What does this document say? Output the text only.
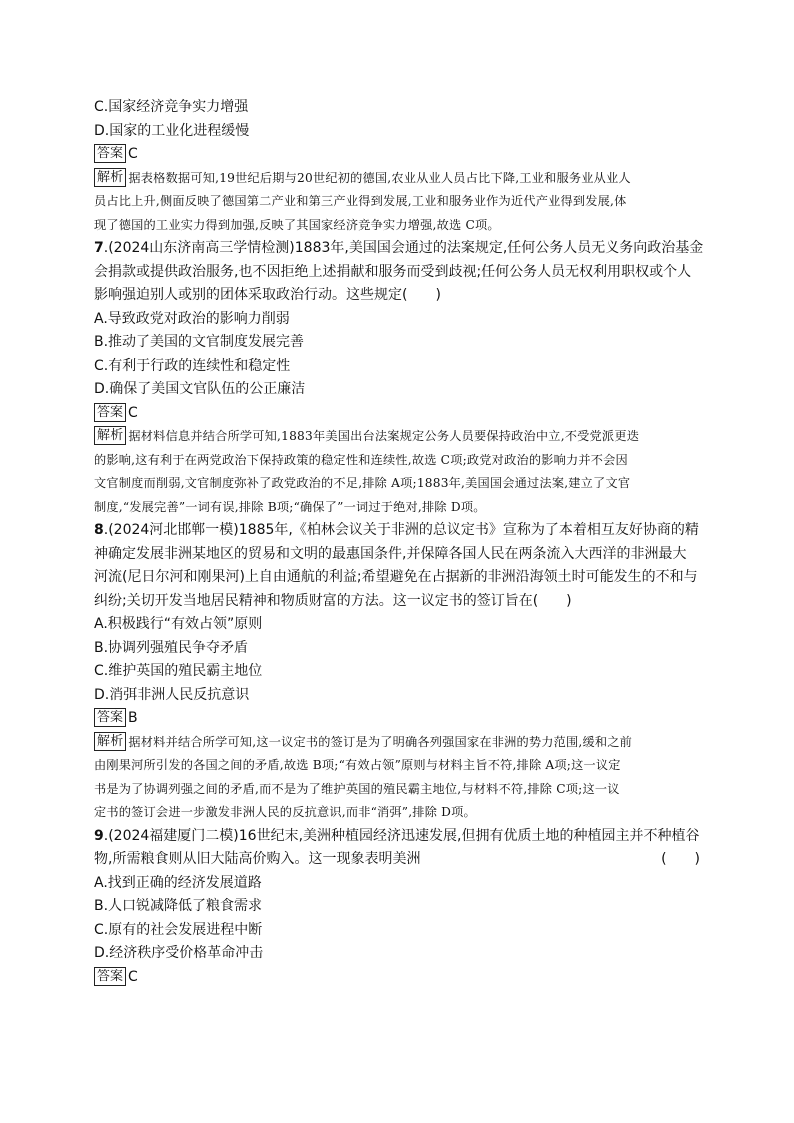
C.国家经济竞争实力增强
D.国家的工业化进程缓慢
答案 C
解析 据表格数据可知,19世纪后期与20世纪初的德国,农业从业人员占比下降,工业和服务业从业人
员占比上升,侧面反映了德国第二产业和第三产业得到发展,工业和服务业作为近代产业得到发展,体
现了德国的工业实力得到加强,反映了其国家经济竞争实力增强,故选 C项。
7.(2024山东济南高三学情检测)1883年,美国国会通过的法案规定,任何公务人员无义务向政治基金
会捐款或提供政治服务,也不因拒绝上述捐献和服务而受到歧视;任何公务人员无权利用职权或个人
影响强迫别人或别的团体采取政治行动。这些规定(　　)
A.导致政党对政治的影响力削弱
B.推动了美国的文官制度发展完善
C.有利于行政的连续性和稳定性
D.确保了美国文官队伍的公正廉洁
答案 C
解析 据材料信息并结合所学可知,1883年美国出台法案规定公务人员要保持政治中立,不受党派更迭
的影响,这有利于在两党政治下保持政策的稳定性和连续性,故选 C项;政党对政治的影响力并不会因
文官制度而削弱,文官制度弥补了政党政治的不足,排除 A项;1883年,美国国会通过法案,建立了文官
制度,“发展完善”一词有误,排除 B项;“确保了”一词过于绝对,排除 D项。
8.(2024河北邯郸一模)1885年,《柏林会议关于非洲的总议定书》宣称为了本着相互友好协商的精
神确定发展非洲某地区的贸易和文明的最惠国条件,并保障各国人民在两条流入大西洋的非洲最大
河流(尼日尔河和刚果河)上自由通航的利益;希望避免在占据新的非洲沿海领土时可能发生的不和与
纠纷;关切开发当地居民精神和物质财富的方法。这一议定书的签订旨在(　　)
A.积极践行“有效占领”原则
B.协调列强殖民争夺矛盾
C.维护英国的殖民霸主地位
D.消弭非洲人民反抗意识
答案 B
解析 据材料并结合所学可知,这一议定书的签订是为了明确各列强国家在非洲的势力范围,缓和之前
由刚果河所引发的各国之间的矛盾,故选 B项;“有效占领”原则与材料主旨不符,排除 A项;这一议定
书是为了协调列强之间的矛盾,而不是为了维护英国的殖民霸主地位,与材料不符,排除 C项;这一议
定书的签订会进一步激发非洲人民的反抗意识,而非“消弭”,排除 D项。
9.(2024福建厦门二模)16世纪末,美洲种植园经济迅速发展,但拥有优质土地的种植园主并不种植谷
物,所需粮食则从旧大陆高价购入。这一现象表明美洲	(　　)
A.找到正确的经济发展道路
B.人口锐减降低了粮食需求
C.原有的社会发展进程中断
D.经济秩序受价格革命冲击
答案 C
